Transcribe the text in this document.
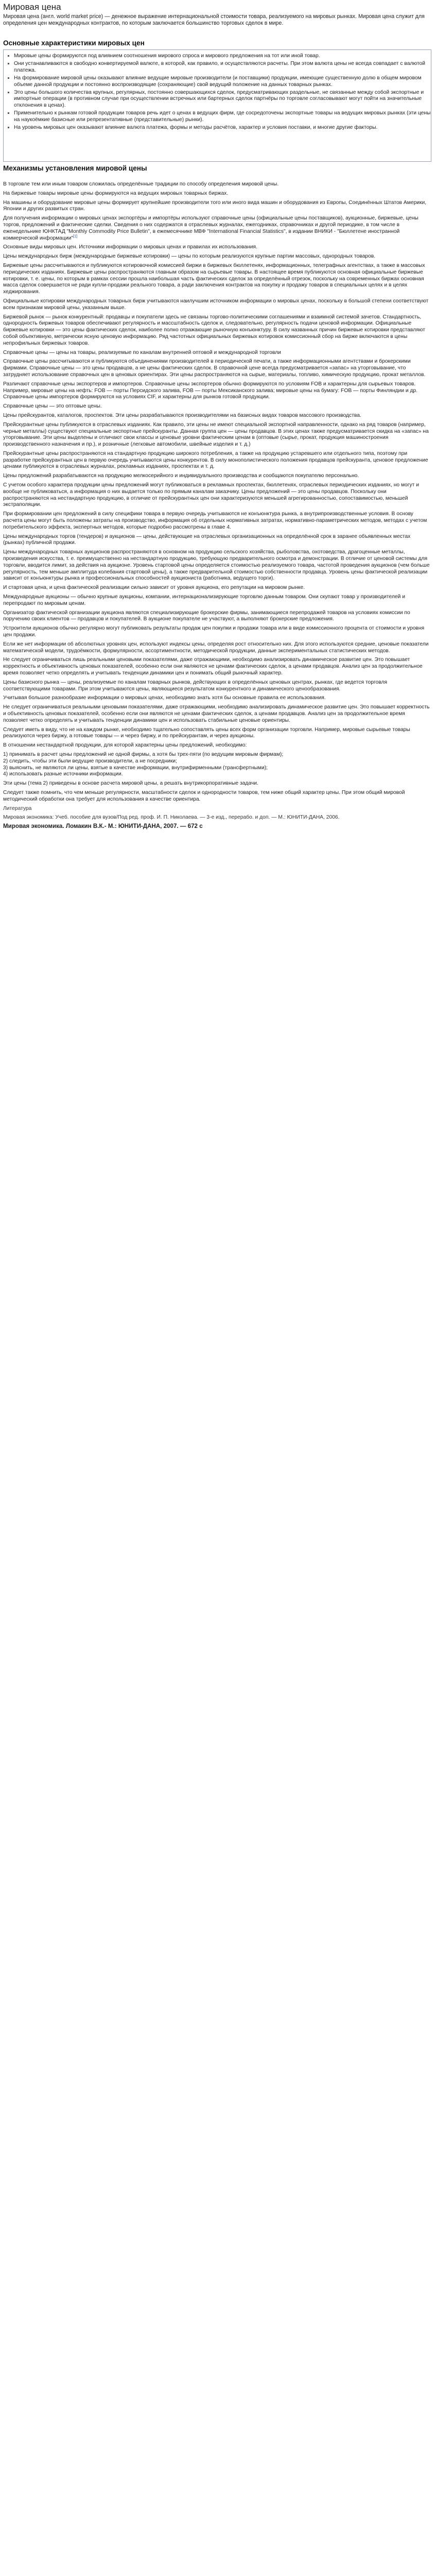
Мировая цена
Мировая цена (англ. world market price) — денежное выражение интернациональной стоимости товара, реализуемого на мировых рынках. Мировая цена служит для определения цен международных контрактов, по которым заключается большинство торговых сделок в мире.
Основные характеристики мировых цен
▪ Мировые цены формируются под влиянием соотношения мирового спроса и мирового предложения на тот или иной товар.
▪ Они устанавливаются в свободно конвертируемой валюте, в которой, как правило, и осуществляются расчеты. При этом валюта цены не всегда совпадает с валютой платежа.
▪ На формирование мировой цены оказывают влияние ведущие мировые производители (и поставщики) продукции, имеющие существенную долю в общем мировом объеме данной продукции и постоянно воспроизводящие (сохраняющие) свой ведущий положение на данных товарных рынках.
▪ Это цены большого количества крупных, регулярных, постоянно совершающихся сделок, предусматривающих раздельные, не связанные между собой экспортные и импортные операции (в противном случае при осуществлении встречных или бартерных сделок партнёры по торговле согласовывают могут пойти на значительные отклонения в ценах).
▪ Применительно к рынкам готовой продукции товаров речь идет о ценах в ведущих фирм, где сосредоточены экспортные товары на ведущих мировых рынках (эти цены на наукоёмкие базисные или репрезентативные (представительные) рынки).
▪ На уровень мировых цен оказывают влияние валюта платежа, формы и методы расчётов, характер и условия поставки, и многие другие факторы.
Механизмы установления мировой цены

В торговле тем или иным товаром сложилась определённые традиции по способу определения мировой цены.

На биржевые товары мировые цены формируются на ведущих мировых товарных биржах.

На машины и оборудование мировые цены формирует крупнейшие производители того или иного вида машин и оборудования из Европы, Соединённых Штатов Америки, Японии и других развитых стран.

Для получения информации о мировых ценах экспортёры и импортёры используют справочные цены (официальные цены поставщиков), аукционные, биржевые, цены торгов, предложений и фактические сделки. Сведения о них содержатся в отраслевых журналах, ежегодниках, справочниках и другой периодике, в том числе в еженедельнике ЮНКТАД "Monthly Commodity Price Bulletin", в ежемесячнике МВФ "International Financial Statistics", в издании ВНИКИ - "Бюллетене иностранной коммерческой информации"[1]

Основные виды мировых цен. Источники информации о мировых ценах и правилах их использования.

Цены международных бирж (международные биржевые котировки) — цены по которым реализуются крупные партии массовых, однородных товаров.

Биржевые цены рассчитываются и публикуются котировочной комиссией биржи в биржевых бюллетенях, информационных, телеграфных агентствах, а также в массовых периодических изданиях. Биржевые цены распространяются главным образом на сырьевые товары. В настоящее время публикуются основная официальные биржевые котировки, т. е. цены, по которым в рамках сессии прошла наибольшая часть фактических сделок за определённый отрезок, поскольку на современных биржах основная масса сделок совершается не ради купли-продажи реального товара, а ради заключения контрактов на покупку и продажу товаров в специальных целях и в целях хеджирования.

Официальные котировки международных товарных бирж учитываются наилучшим источником информации о мировых ценах, поскольку в большой степени соответствуют всем признакам мировой цены, указанным выше.

Биржевой рынок — рынок конкурентный: продавцы и покупатели здесь не связаны торгово-политическими соглашениями и взаимной системой зачетов. Стандартность, однородность биржевых товаров обеспечивают регулярность и массштабность сделок и, следовательно, регулярность подачи ценовой информации. Официальные биржевые котировки — это цены фактических сделок, наиболее полно отражающие рыночную конъюнктуру. В силу названных причин биржевые котировки представляют собой объективную, метрически ясную ценовую информацию. Ряд частотных официальных биржевых котировок комиссионный сбор на бирже включаются в цены непрофильных биржевых товаров.

Справочные цены — цены на товары, реализуемые по каналам внутренней оптовой и международной торговли

Справочные цены рассчитываются и публикуются объединениями производителей в периодической печати, а также информационными агентствами и брокерскими фирмами. Справочные цены — это цены продавцов, а не цены фактических сделок. В справочной цене всегда предусматривается «запас» на уторговывание, что затрудняет использование справочных цен в ценовых ориентирах. Эти цены распространяются на сырые, материалы, топливо, химическую продукцию, прокат металлов.

Различают справочные цены экспортеров и импортеров. Справочные цены экспортеров обычно формируются по условиям FOB и характерны для сырьевых товаров. Например, мировые цены на нефть: FOB — порты Персидского залива, FOB — порты Мексиканского залива; мировые цены на бумагу: FOB — порты Финляндии и др. Справочные цены импортеров формируются на условиях CIF, и характерны для рынков готовой продукции.

Справочные цены — это оптовые цены.

Цены прейскурантов, каталогов, проспектов. Эти цены разрабатываются производителями на базисных видах товаров массового производства.

Прейскурантные цены публикуются в отраслевых изданиях. Как правило, эти цены не имеют специальной экспортной направленности, однако на ряд товаров (например, черные металлы) существуют специальные экспортные прейскуранты. Данная группа цен — цены продавцов. В этих ценах также предусматривается скидка на «запас» на уторговывание. Эти цены выделены и отличают свои классы и ценовые уровни фактическим ценам в (оптовые (сырье, прокат, продукция машиностроения производственного назначения и пр.), и розничные (легковые автомобили, швейные изделия и т. д.)

Прейскурантные цены распространяются на стандартную продукцию широкого потребления, а также на продукцию устаревшего или отдельного типа, поэтому при разработке прейскурантных цен в первую очередь учитываются цены конкурентов. В силу монополистического положения продавцов прейскуранта, ценовое предложение ценами публикуются в отраслевых журналах, рекламных изданиях, проспектах и т. д.

Цены предложений разрабатываются на продукцию мелкосерийного и индивидуального производства и сообщаются покупателю персонально.

С учетом особого характера продукции цены предложений могут публиковаться в рекламных проспектах, бюллетенях, отраслевых периодических изданиях, но могут и вообще не публиковаться, а информация о них выдается только по прямым каналам заказчику. Цены предложений — это цены продавцов. Поскольку они распространяются на нестандартную продукцию, в отличие от прейскурантных цен они характеризуются меньшей агрегированностью, сопоставимостью, меньшей экстраполяции.

При формировании цен предложений в силу специфики товара в первую очередь учитываются не конъюнктура рынка, а внутрипроизводственные условия. В основу расчета цены могут быть положены затраты на производство, информация об отдельных нормативных затратах, нормативно-параметрических методов, методах с учетом потребительского эффекта, экспертных методов, которые подробно рассмотрены в главе 4.

Цены международных торгов (тендеров) и аукционов — цены, действующие на отраслевых организационных на определённой срок в заранее объявленных местах (рынках) публичной продажи.

Цены международных товарных аукционов распространяются в основном на продукцию сельского хозяйства, рыболовства, охотоведства, драгоценные металлы, произведения искусства, т. е. преимущественно на нестандартную продукцию, требующую предварительного осмотра и демонстрации. В отличие от ценовой системы для торговли, вводится лимит, за действия на аукционе. Уровень стартовой цены определяется стоимостью реализуемого товара, частотой проведения аукционов (чем больше регулярность, тем меньше амплитуда колебания стартовой цены), а также предварительной стоимостью собственности продавца. Уровень цены фактической реализации зависит от конъюнктуры рынка и профессиональных способностей аукциониста (работника, ведущего торги).

И стартовая цена, и цена фактической реализации сильно зависит от уровня аукциона, его репутации на мировом рынке.

Международные аукционы — обычно крупные аукционы, компании, интернационализирующие торговлю данным товаром. Они скупают товар у производителей и перепродают по мировым ценам.

Организатор фактической организации аукциона являются специализирующие брокерские фирмы, занимающиеся перепродажей товаров на условиях комиссии по поручению своих клиентов — продавцов и покупателей. В аукционе покупателе не участвуют, а выполняют брокерские предложения.

Устроители аукционов обычно регулярно могут публиковать результаты продаж цен покупки и продажи товара или в виде комиссионного процента от стоимости и уровня цен продажи.

Если же нет информации об абсолютных уровнях цен, используют индексы цены, определяя рост относительно них. Для этого используются средние, ценовые показатели математической модели, трудоёмкости, формулярности, ассортиментности, методической продукции, данные экспериментальных статистических методов.

Не следует ограничиваться лишь реальными ценовыми показателями, даже отражающими, необходимо анализировать динамическое развитие цен. Это повышает корректность и объективность ценовых показателей, особенно если они являются не ценами фактических сделок, а ценами продавцов. Анализ цен за продолжительное время позволяет четко определять и учитывать тенденции динамики цен и понимать общий рыночный характер.

Цены базисного рынка — цены, реализуемые по каналам товарных рынков, действующих в определённых ценовых центрах, рынках, где ведется торговля соответствующими товарами. При этом учитываются цены, являющиеся результатом конкурентного и динамического ценообразования.

Учитывая большое разнообразие информации о мировых ценах, необходимо знать хотя бы основные правила ее использования.

Не следует ограничиваться реальными ценовыми показателями, даже отражающими, необходимо анализировать динамическое развитие цен. Это повышает корректность и объективность ценовых показателей, особенно если они являются не ценами фактических сделок, а ценами продавцов. Анализ цен за продолжительное время позволяет четко определять и учитывать тенденции динамики цен и использовать стабильные ценовые ориентиры.

Следует иметь в виду, что не на каждом рынке, необходимо тщательно сопоставлять цены всех форм организации торговли. Например, мировые сырьевые товары реализуются через биржу, а готовые товары — и через биржу, и по прейскурантам, и через аукционы.

В отношении нестандартной продукции, для которой характерны цены предложений, необходимо:

1) принимать в расчет цены предложений не одной фирмы, а хотя бы трех-пяти (по ведущим мировым фирмам);
2) следить, чтобы эти были ведущие производители, а не посредники;
3) выяснить, не являются ли цены, взятые в качестве информации, внутрифирменными (трансфертными);
4) использовать разные источники информации.

Эти цены (тема 2) приведены в основе расчета мировой цены, а решать внутрикорпоративные задачи.

Следует также помнить, что чем меньше регулярности, масштабности сделок и однородности товаров, тем ниже общий характер цены. При этом общий мировой методический обработки она требует для использования в качестве ориентира.

Литература

Мировая экономика: Учеб. пособие для вузов/Под ред. проф. И. П. Николаева. — 3-е изд., перерабо. и доп. — М.: ЮНИТИ-ДАНА, 2006.

Мировая экономика. Ломакин В.К.- М.: ЮНИТИ-ДАНА, 2007. — 672 с
